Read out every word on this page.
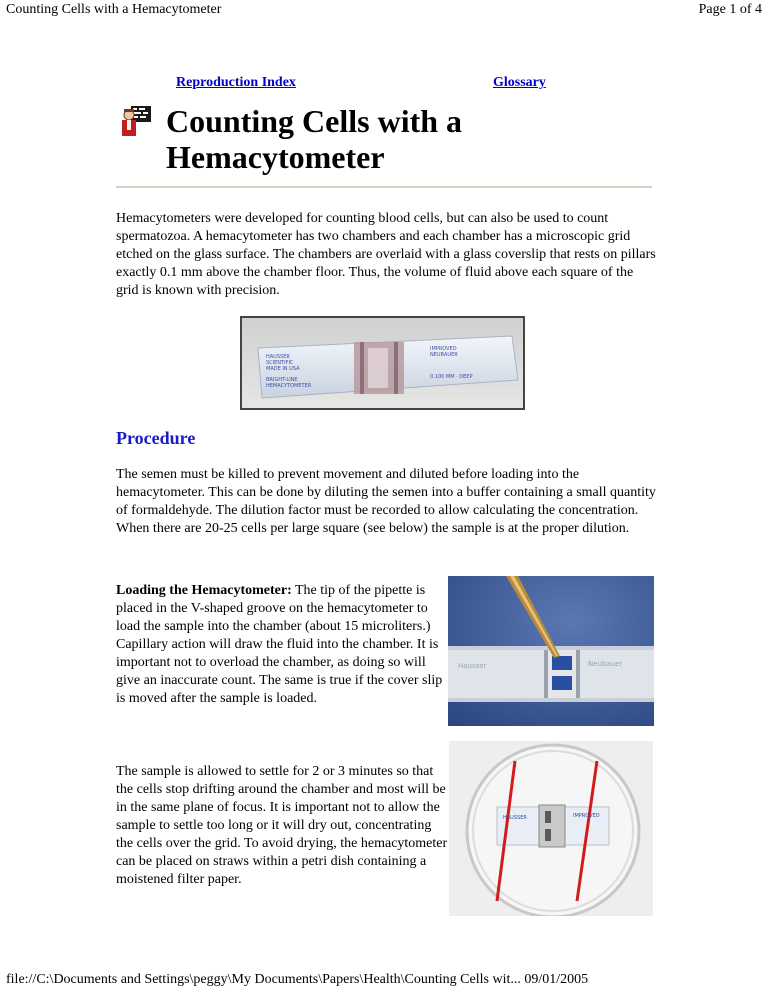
Counting Cells with a Hemacytometer	Page 1 of 4
Reproduction Index	Glossary
Counting Cells with a Hemacytometer

Hemacytometers were developed for counting blood cells, but can also be used to count spermatozoa. A hemacytometer has two chambers and each chamber has a microscopic grid etched on the glass surface. The chambers are overlaid with a glass coverslip that rests on pillars exactly 0.1 mm above the chamber floor. Thus, the volume of fluid above each square of the grid is known with precision.

HAUSSER
SCIENTIFIC
MADE IN USA
BRIGHT-LINE
HEMACYTOMETER
IMPROVED
NEUBAUER
0.100 MM · DEEP
Procedure

The semen must be killed to prevent movement and diluted before loading into the hemacytometer. This can be done by diluting the semen into a buffer containing a small quantity of formaldehyde. The dilution factor must be recorded to allow calculating the concentration. When there are 20-25 cells per large square (see below) the sample is at the proper dilution.

Loading the Hemacytometer: The tip of the pipette is placed in the V-shaped groove on the hemacytometer to load the sample into the chamber (about 15 microliters.) Capillary action will draw the fluid into the chamber. It is important not to overload the chamber, as doing so will give an inaccurate count. The same is true if the cover slip is moved after the sample is loaded.

Hausser	Neubauer

The sample is allowed to settle for 2 or 3 minutes so that the cells stop drifting around the chamber and most will be in the same plane of focus. It is important not to allow the sample to settle too long or it will dry out, concentrating the cells over the grid. To avoid drying, the hemacytometer can be placed on straws within a petri dish containing a moistened filter paper.

HAUSSER	IMPROVED
file://C:\Documents and Settings\peggy\My Documents\Papers\Health\Counting Cells wit... 09/01/2005
